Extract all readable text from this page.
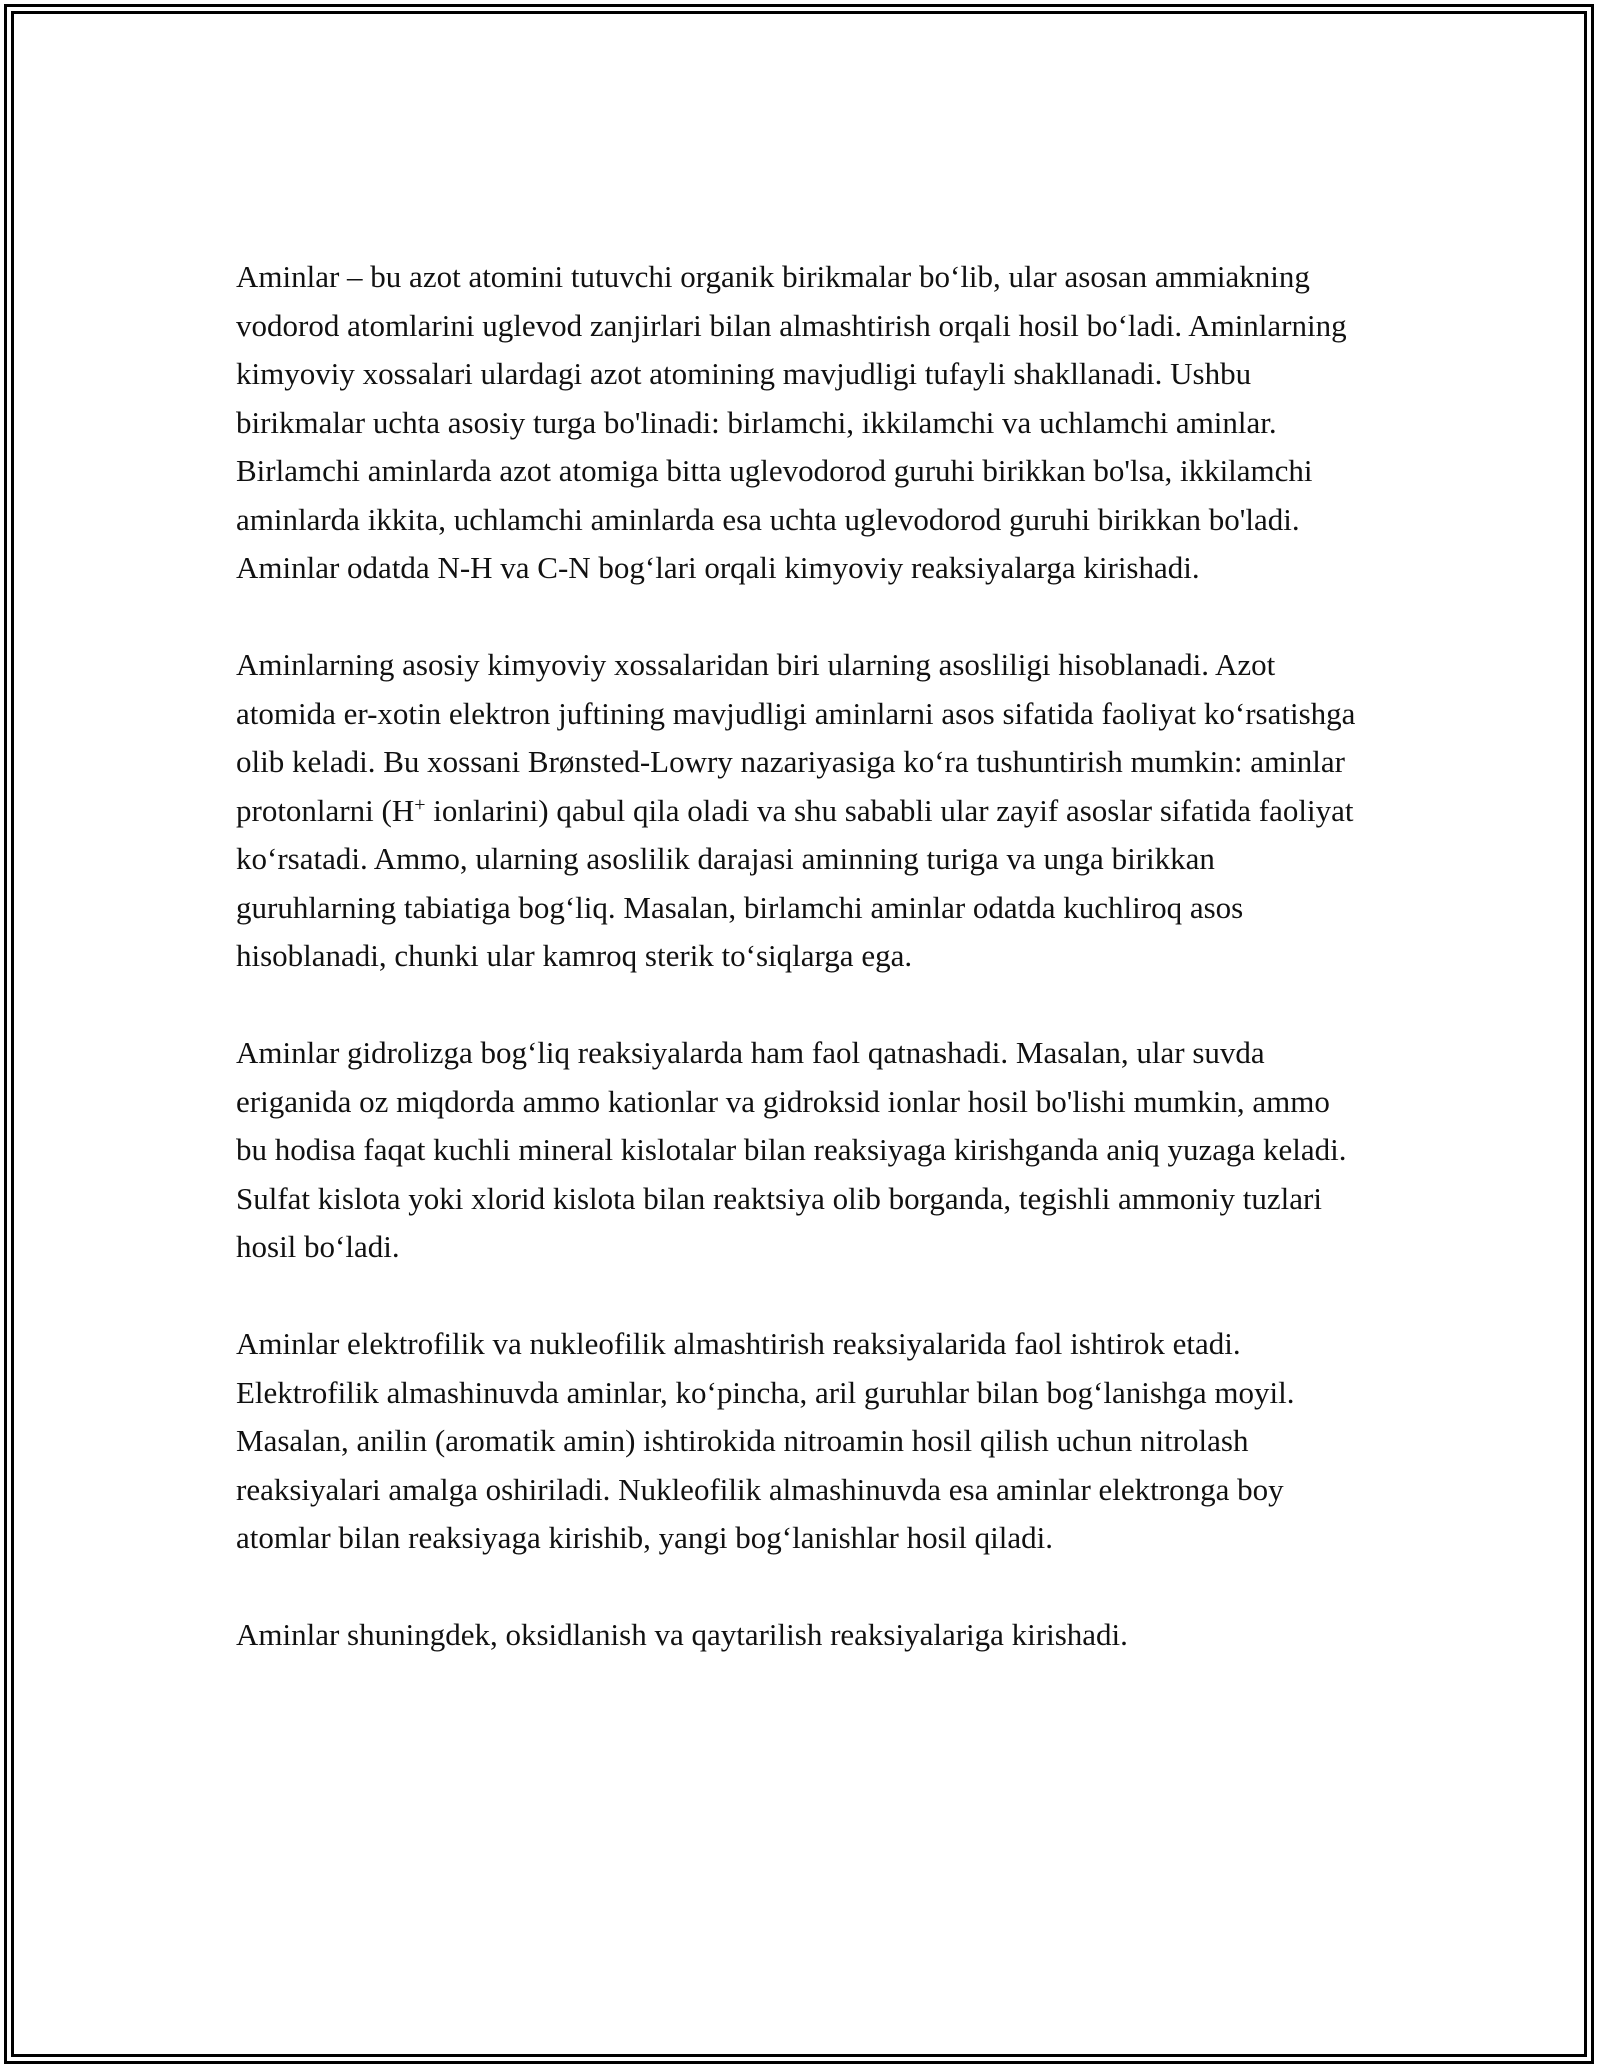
Aminlar – bu azot atomini tutuvchi organik birikmalar bo‘lib, ular asosan ammiakning vodorod atomlarini uglevod zanjirlari bilan almashtirish orqali hosil bo‘ladi. Aminlarning kimyoviy xossalari ulardagi azot atomining mavjudligi tufayli shakllanadi. Ushbu birikmalar uchta asosiy turga bo'linadi: birlamchi, ikkilamchi va uchlamchi aminlar. Birlamchi aminlarda azot atomiga bitta uglevodorod guruhi birikkan bo'lsa, ikkilamchi aminlarda ikkita, uchlamchi aminlarda esa uchta uglevodorod guruhi birikkan bo'ladi. Aminlar odatda N-H va C-N bog‘lari orqali kimyoviy reaksiyalarga kirishadi.

Aminlarning asosiy kimyoviy xossalaridan biri ularning asosliligi hisoblanadi. Azot atomida er-xotin elektron juftining mavjudligi aminlarni asos sifatida faoliyat ko‘rsatishga olib keladi. Bu xossani Brønsted-Lowry nazariyasiga ko‘ra tushuntirish mumkin: aminlar protonlarni (H+ ionlarini) qabul qila oladi va shu sababli ular zayif asoslar sifatida faoliyat ko‘rsatadi. Ammo, ularning asoslilik darajasi aminning turiga va unga birikkan guruhlarning tabiatiga bog‘liq. Masalan, birlamchi aminlar odatda kuchliroq asos hisoblanadi, chunki ular kamroq sterik to‘siqlarga ega.

Aminlar gidrolizga bog‘liq reaksiyalarda ham faol qatnashadi. Masalan, ular suvda eriganida oz miqdorda ammo kationlar va gidroksid ionlar hosil bo'lishi mumkin, ammo bu hodisa faqat kuchli mineral kislotalar bilan reaksiyaga kirishganda aniq yuzaga keladi. Sulfat kislota yoki xlorid kislota bilan reaktsiya olib borganda, tegishli ammoniy tuzlari hosil bo‘ladi.

Aminlar elektrofilik va nukleofilik almashtirish reaksiyalarida faol ishtirok etadi. Elektrofilik almashinuvda aminlar, ko‘pincha, aril guruhlar bilan bog‘lanishga moyil. Masalan, anilin (aromatik amin) ishtirokida nitroamin hosil qilish uchun nitrolash reaksiyalari amalga oshiriladi. Nukleofilik almashinuvda esa aminlar elektronga boy atomlar bilan reaksiyaga kirishib, yangi bog‘lanishlar hosil qiladi.

Aminlar shuningdek, oksidlanish va qaytarilish reaksiyalariga kirishadi.
